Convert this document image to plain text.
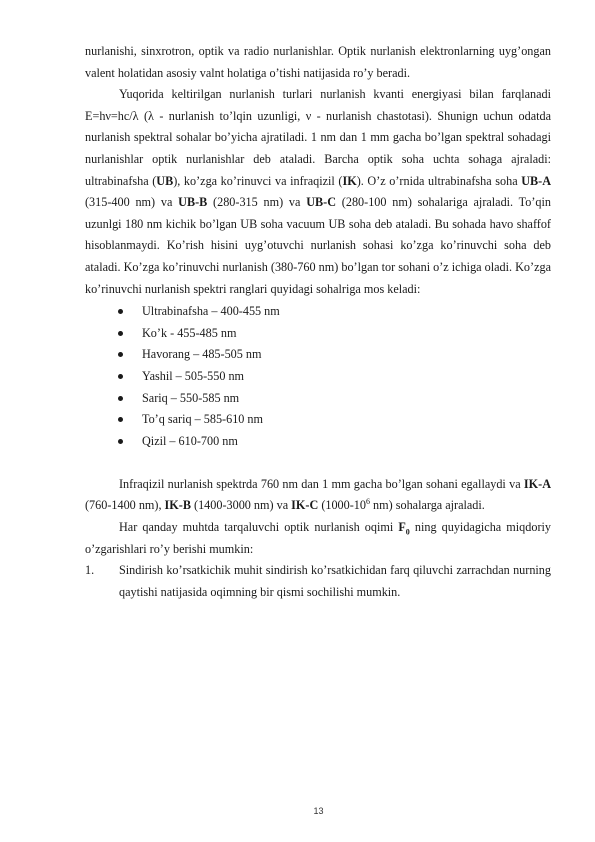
nurlanishi, sinxrotron, optik va radio nurlanishlar. Optik nurlanish elektronlarning uyg’ongan valent holatidan asosiy valnt holatiga o’tishi natijasida ro’y beradi.

Yuqorida keltirilgan nurlanish turlari nurlanish kvanti energiyasi bilan farqlanadi E=hν=hc/λ (λ - nurlanish to’lqin uzunligi, ν - nurlanish chastotasi). Shunign uchun odatda nurlanish spektral sohalar bo’yicha ajratiladi. 1 nm dan 1 mm gacha bo’lgan spektral sohadagi nurlanishlar optik nurlanishlar deb ataladi. Barcha optik soha uchta sohaga ajraladi: ultrabinafsha (UB), ko’zga ko’rinuvci va infraqizil (IK). O’z o’rnida ultrabinafsha soha UB-A (315-400 nm) va UB-B (280-315 nm) va UB-C (280-100 nm) sohalariga ajraladi. To’qin uzunlgi 180 nm kichik bo’lgan UB soha vacuum UB soha deb ataladi. Bu sohada havo shaffof hisoblanmaydi. Ko’rish hisini uyg’otuvchi nurlanish sohasi ko’zga ko’rinuvchi soha deb ataladi. Ko’zga ko’rinuvchi nurlanish (380-760 nm) bo’lgan tor sohani o’z ichiga oladi. Ko’zga ko’rinuvchi nurlanish spektri ranglari quyidagi sohalriga mos keladi:

Ultrabinafsha – 400-455 nm
Ko’k - 455-485 nm
Havorang – 485-505 nm
Yashil – 505-550 nm
Sariq – 550-585 nm
To’q sariq – 585-610 nm
Qizil – 610-700 nm

Infraqizil nurlanish spektrda 760 nm dan 1 mm gacha bo’lgan sohani egallaydi va IK-A (760-1400 nm), IK-B (1400-3000 nm) va IK-C ($1000-10^6$ nm) sohalarga ajraladi.

Har qanday muhtda tarqaluvchi optik nurlanish oqimi $F_0$ ning quyidagicha miqdoriy o’zgarishlari ro’y berishi mumkin:

1. Sindirish ko’rsatkichik muhit sindirish ko’rsatkichidan farq qiluvchi zarrachdan nurning qaytishi natijasida oqimning bir qismi sochilishi mumkin.

13
